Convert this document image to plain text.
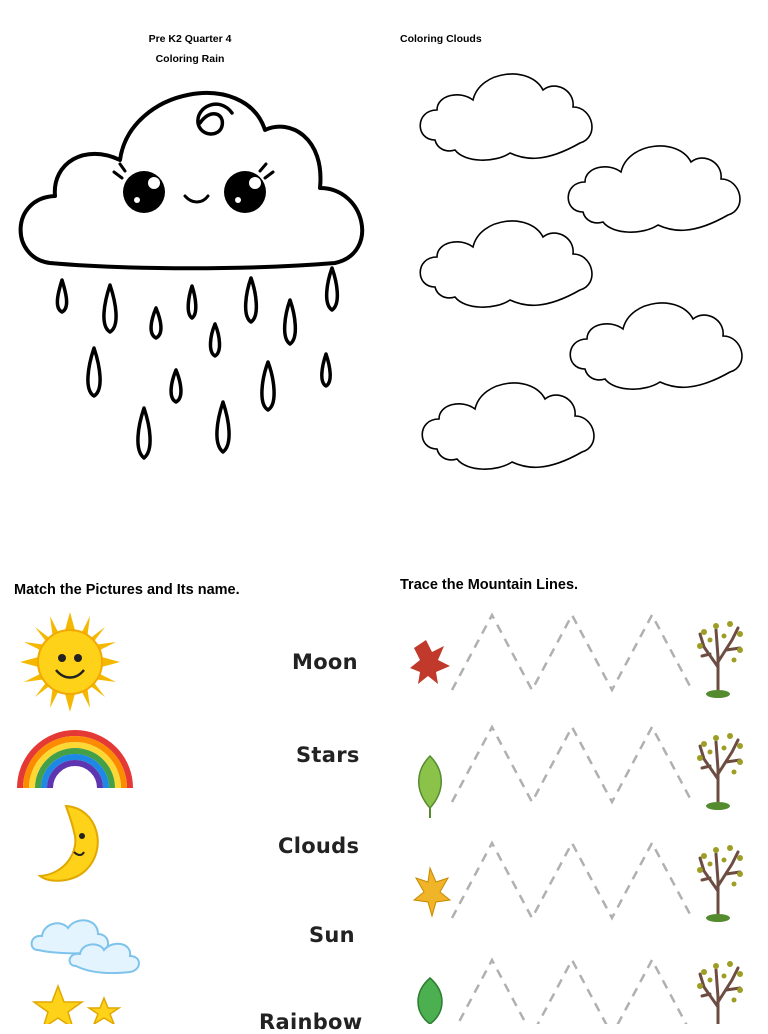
Pre K2 Quarter 4
Coloring Rain
Coloring Clouds
Match the Pictures and Its name.
Moon
Stars
Clouds
Sun
Rainbow
Trace the Mountain Lines.
